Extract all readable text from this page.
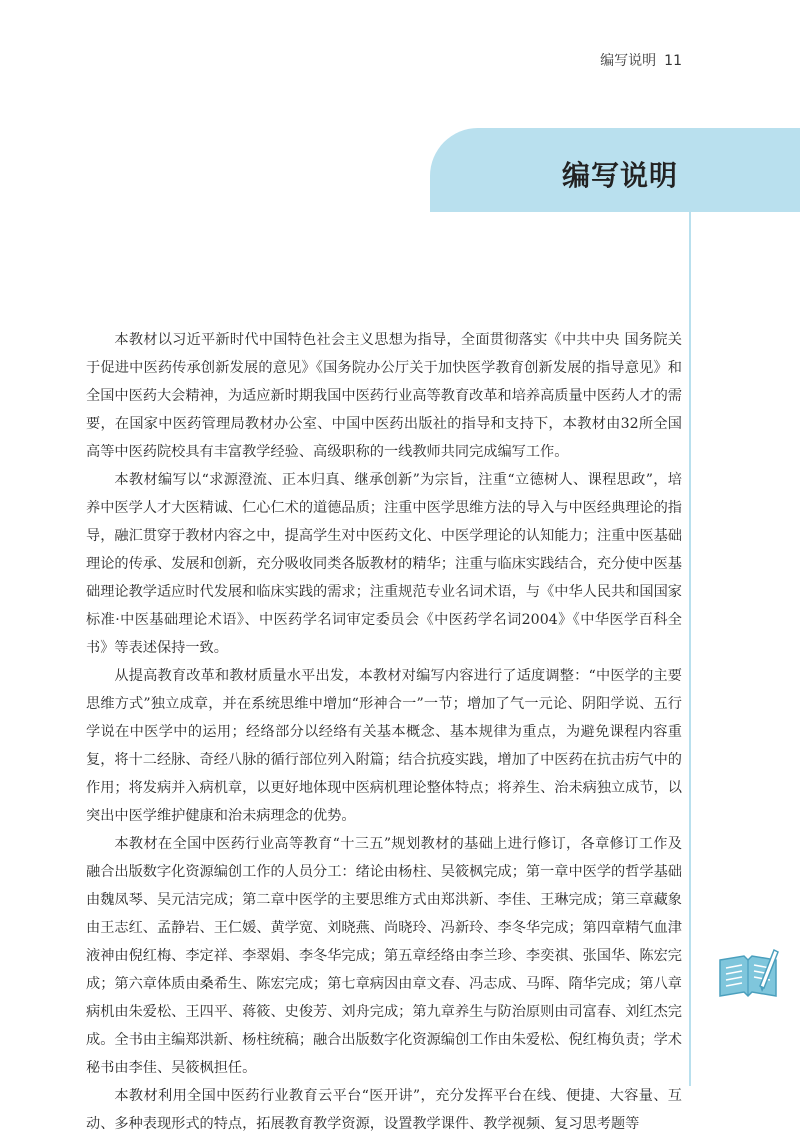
编写说明 11
编写说明

本教材以习近平新时代中国特色社会主义思想为指导，全面贯彻落实《中共中央 国务院关于促进中医药传承创新发展的意见》《国务院办公厅关于加快医学教育创新发展的指导意见》和全国中医药大会精神，为适应新时期我国中医药行业高等教育改革和培养高质量中医药人才的需要，在国家中医药管理局教材办公室、中国中医药出版社的指导和支持下，本教材由32所全国高等中医药院校具有丰富教学经验、高级职称的一线教师共同完成编写工作。

本教材编写以“求源澄流、正本归真、继承创新”为宗旨，注重“立德树人、课程思政”，培养中医学人才大医精诚、仁心仁术的道德品质；注重中医学思维方法的导入与中医经典理论的指导，融汇贯穿于教材内容之中，提高学生对中医药文化、中医学理论的认知能力；注重中医基础理论的传承、发展和创新，充分吸收同类各版教材的精华；注重与临床实践结合，充分使中医基础理论教学适应时代发展和临床实践的需求；注重规范专业名词术语，与《中华人民共和国国家标准·中医基础理论术语》、中医药学名词审定委员会《中医药学名词2004》《中华医学百科全书》等表述保持一致。

从提高教育改革和教材质量水平出发，本教材对编写内容进行了适度调整：“中医学的主要思维方式”独立成章，并在系统思维中增加“形神合一”一节；增加了气一元论、阴阳学说、五行学说在中医学中的运用；经络部分以经络有关基本概念、基本规律为重点，为避免课程内容重复，将十二经脉、奇经八脉的循行部位列入附篇；结合抗疫实践，增加了中医药在抗击疠气中的作用；将发病并入病机章，以更好地体现中医病机理论整体特点；将养生、治未病独立成节，以突出中医学维护健康和治未病理念的优势。

本教材在全国中医药行业高等教育“十三五”规划教材的基础上进行修订，各章修订工作及融合出版数字化资源编创工作的人员分工：绪论由杨柱、吴筱枫完成；第一章中医学的哲学基础由魏凤琴、吴元洁完成；第二章中医学的主要思维方式由郑洪新、李佳、王琳完成；第三章藏象由王志红、孟静岩、王仁媛、黄学宽、刘晓燕、尚晓玲、冯新玲、李冬华完成；第四章精气血津液神由倪红梅、李定祥、李翠娟、李冬华完成；第五章经络由李兰珍、李奕祺、张国华、陈宏完成；第六章体质由桑希生、陈宏完成；第七章病因由章文春、冯志成、马晖、隋华完成；第八章病机由朱爱松、王四平、蒋筱、史俊芳、刘舟完成；第九章养生与防治原则由司富春、刘红杰完成。全书由主编郑洪新、杨柱统稿；融合出版数字化资源编创工作由朱爱松、倪红梅负责；学术秘书由李佳、吴筱枫担任。

本教材利用全国中医药行业教育云平台“医开讲”，充分发挥平台在线、便捷、大容量、互动、多种表现形式的特点，拓展教育教学资源，设置教学课件、教学视频、复习思考题等
